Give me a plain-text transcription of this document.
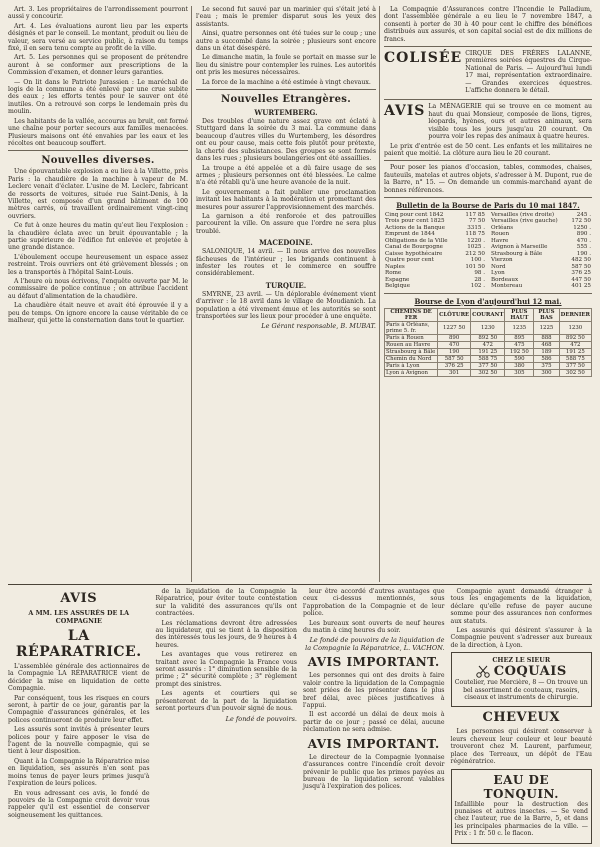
Art. 3. Les propriétaires de l'arrondissement pourront aussi y concourir.

Art. 4. Les évaluations auront lieu par les experts désignés et par le conseil. Le montant, produit ou lieu de valeur, sera versé au service public, à raison du temps fixé, il en sera tenu compte au profit de la ville.

Art. 5. Les personnes qui se proposent de prétendre auront à se conformer aux prescriptions de la Commission d'examen, et donner leurs garanties.

— On lit dans le Patriote Jurassien : Le maréchal de logis de la commune a été enlevé par une crue subite des eaux ; les efforts tentés pour le sauver ont été inutiles. On a retrouvé son corps le lendemain près du moulin.

Les habitants de la vallée, accourus au bruit, ont formé une chaîne pour porter secours aux familles menacées. Plusieurs maisons ont été envahies par les eaux et les récoltes ont beaucoup souffert.

Nouvelles diverses.

Une épouvantable explosion a eu lieu à la Villette, près Paris : la chaudière de la machine à vapeur de M. Leclerc venait d'éclater. L'usine de M. Leclerc, fabricant de ressorts de voitures, située rue Saint-Denis, à la Villette, est composée d'un grand bâtiment de 100 mètres carrés, où travaillent ordinairement vingt-cinq ouvriers.

Ce fut à onze heures du matin qu'eut lieu l'explosion : la chaudière éclata avec un bruit épouvantable ; la partie supérieure de l'édifice fut enlevée et projetée à une grande distance.

L'éboulement occupe heureusement un espace assez restreint. Trois ouvriers ont été grièvement blessés ; on les a transportés à l'hôpital Saint-Louis.

A l'heure où nous écrivons, l'enquête ouverte par M. le commissaire de police continue ; on attribue l'accident au défaut d'alimentation de la chaudière.

La chaudière était neuve et avait été éprouvée il y a peu de temps. On ignore encore la cause véritable de ce malheur, qui jette la consternation dans tout le quartier.

Le second fut sauvé par un marinier qui s'était jeté à l'eau ; mais le premier disparut sous les yeux des assistants.

Ainsi, quatre personnes ont été tuées sur le coup ; une autre a succombé dans la soirée ; plusieurs sont encore dans un état désespéré.

Le dimanche matin, la foule se portait en masse sur le lieu du sinistre pour contempler les ruines. Les autorités ont pris les mesures nécessaires.

La force de la machine a été estimée à vingt chevaux.

Nouvelles Etrangères.
WURTEMBERG.

Des troubles d'une nature assez grave ont éclaté à Stuttgard dans la soirée du 3 mai. La commune dans beaucoup d'autres villes du Wurtemberg, les désordres ont eu pour cause, mais cette fois plutôt pour prétexte, la cherté des subsistances. Des groupes se sont formés dans les rues ; plusieurs boulangeries ont été assaillies.

La troupe a été appelée et a dû faire usage de ses armes ; plusieurs personnes ont été blessées. Le calme n'a été rétabli qu'à une heure avancée de la nuit.

Le gouvernement a fait publier une proclamation invitant les habitants à la modération et promettant des mesures pour assurer l'approvisionnement des marchés.

La garnison a été renforcée et des patrouilles parcourent la ville. On assure que l'ordre ne sera plus troublé.

MACEDOINE.

SALONIQUE, 14 avril. — Il nous arrive des nouvelles fâcheuses de l'intérieur ; les brigands continuent à infester les routes et le commerce en souffre considérablement.

TURQUIE.

SMYRNE, 23 avril. — Un déplorable événement vient d'arriver : le 18 avril dans le village de Moudianich. La population a été vivement émue et les autorités se sont transportées sur les lieux pour procéder à une enquête.

Le Gérant responsable, B. MUBAT.

La Compagnie d'Assurances contre l'Incendie le Palladium, dont l'assemblée générale a eu lieu le 7 novembre 1847, a consenti à porter de 30 à 40 pour cent le chiffre des bénéfices distribués aux assurés, et son capital social est de dix millions de francs.

COLISÉE CIRQUE DES FRÈRES LALANNE, premières soirées équestres du Cirque-National de Paris. — Aujourd'hui lundi 17 mai, représentation extraordinaire. — Grandes exercices équestres. L'affiche donnera le détail.

AVIS La MÉNAGERIE qui se trouve en ce moment au haut du quai Monsieur, composée de lions, tigres, léopards, hyènes, ours et autres animaux, sera visible tous les jours jusqu'au 20 courant. On pourra voir les repas des animaux à quatre heures.

Le prix d'entrée est de 50 cent. Les enfants et les militaires ne paient que moitié. La clôture aura lieu le 20 courant.

Pour poser les pianos d'occasion, tables, commodes, chaises, fauteuils, matelas et autres objets, s'adresser à M. Dupont, rue de la Barre, n° 15. — On demande un commis-marchand ayant de bonnes références.

Bulletin de la Bourse de Paris du 10 mai 1847.
Cinq pour cent 1842	117 85
Trois pour cent 1825	77 50
Actions de la Banque	3315 .
Emprunt de 1844	118 75
Obligations de la Ville	1220 .
Canal de Bourgogne	1025 .
Caisse hypothécaire	212 50
Quatre pour cent	100 .
Naples	101 50
Rome	98 .
Espagne	28 .
Belgique	102 .
Versailles (rive droite)	245 .
Versailles (rive gauche)	172 50
Orléans	1250 .
Rouen	890 .
Havre	470 .
Avignon à Marseille	555 .
Strasbourg à Bâle	190 .
Vierzon	482 50
Nord	587 50
Lyon	376 25
Bordeaux	447 50
Montereau	401 25
Bourse de Lyon d'aujourd'hui 12 mai.
CHEMINS DE FER	CLÔTURE	COURANT	PLUS HAUT	PLUS BAS	DERNIER
Paris à Orléans, prime 5. fr.	1227 50	1230	1235	1225	1230
Paris à Rouen	890	892 50	895	888	892 50
Rouen au Havre	470	472	475	468	472
Strasbourg à Bâle	190	191 25	192 50	189	191 25
Chemin du Nord	587 50	588 75	590	586	588 75
Paris à Lyon	376 25	377 50	380	375	377 50
Lyon à Avignon	301	302 50	305	300	302 50
AVIS
A MM. LES ASSURÉS DE LA COMPAGNIE
LA RÉPARATRICE.

L'assemblée générale des actionnaires de la Compagnie LA RÉPARATRICE vient de décider la mise en liquidation de cette Compagnie.

Par conséquent, tous les risques en cours seront, à partir de ce jour, garantis par la Compagnie d'assurances générales, et les polices continueront de produire leur effet.

Les assurés sont invités à présenter leurs polices pour y faire apposer le visa de l'agent de la nouvelle compagnie, qui se tient à leur disposition.

Quant à la Compagnie la Réparatrice mise en liquidation, ses assurés n'en sont pas moins tenus de payer leurs primes jusqu'à l'expiration de leurs polices.

En vous adressant ces avis, le fondé de pouvoirs de la Compagnie croit devoir vous rappeler qu'il est essentiel de conserver soigneusement les quittances.

de la liquidation de la Compagnie la Réparatrice, pour éviter toute contestation sur la validité des assurances qu'ils ont contractées.

Les réclamations devront être adressées au liquidateur, qui se tient à la disposition des intéressés tous les jours, de 9 heures à 4 heures.

Les avantages que vous retirerez en traitant avec la Compagnie la France vous seront assurés : 1° diminution sensible de la prime ; 2° sécurité complète ; 3° règlement prompt des sinistres.

Les agents et courtiers qui se présenteront de la part de la liquidation seront porteurs d'un pouvoir signé de nous.

Le fondé de pouvoirs.

leur être accordé d'autres avantages que ceux ci-dessus mentionnés, sous l'approbation de la Compagnie et de leur police.

Les bureaux sont ouverts de neuf heures du matin à cinq heures du soir.

Le fondé de pouvoirs de la liquidation de la Compagnie la Réparatrice, L. VACHON.
AVIS IMPORTANT.

Les personnes qui ont des droits à faire valoir contre la liquidation de la Compagnie sont priées de les présenter dans le plus bref délai, avec pièces justificatives à l'appui.

Il est accordé un délai de deux mois à partir de ce jour ; passé ce délai, aucune réclamation ne sera admise.

AVIS IMPORTANT.

Le directeur de la Compagnie lyonnaise d'assurances contre l'incendie croit devoir prévenir le public que les primes payées au bureau de la liquidation seront valables jusqu'à l'expiration des polices.

Compagnie ayant demandé étranger à tous les engagements de la liquidation, déclare qu'elle refuse de payer aucune somme pour des assurances non conformes aux statuts.

Les assurés qui désirent s'assurer à la Compagnie peuvent s'adresser aux bureaux de la direction, à Lyon.

CHEZ LE SIEUR
COQUAIS

Coutelier, rue Mercière, 8 — On trouve un bel assortiment de couteaux, rasoirs, ciseaux et instruments de chirurgie.

CHEVEUX

Les personnes qui désirent conserver à leurs cheveux leur couleur et leur beauté trouveront chez M. Laurent, parfumeur, place des Terreaux, un dépôt de l'Eau régénératrice.

EAU DE TONQUIN.

Infaillible pour la destruction des punaises et autres insectes. — Se vend chez l'auteur, rue de la Barre, 5, et dans les principales pharmacies de la ville. — Prix : 1 fr. 50 c. le flacon.
